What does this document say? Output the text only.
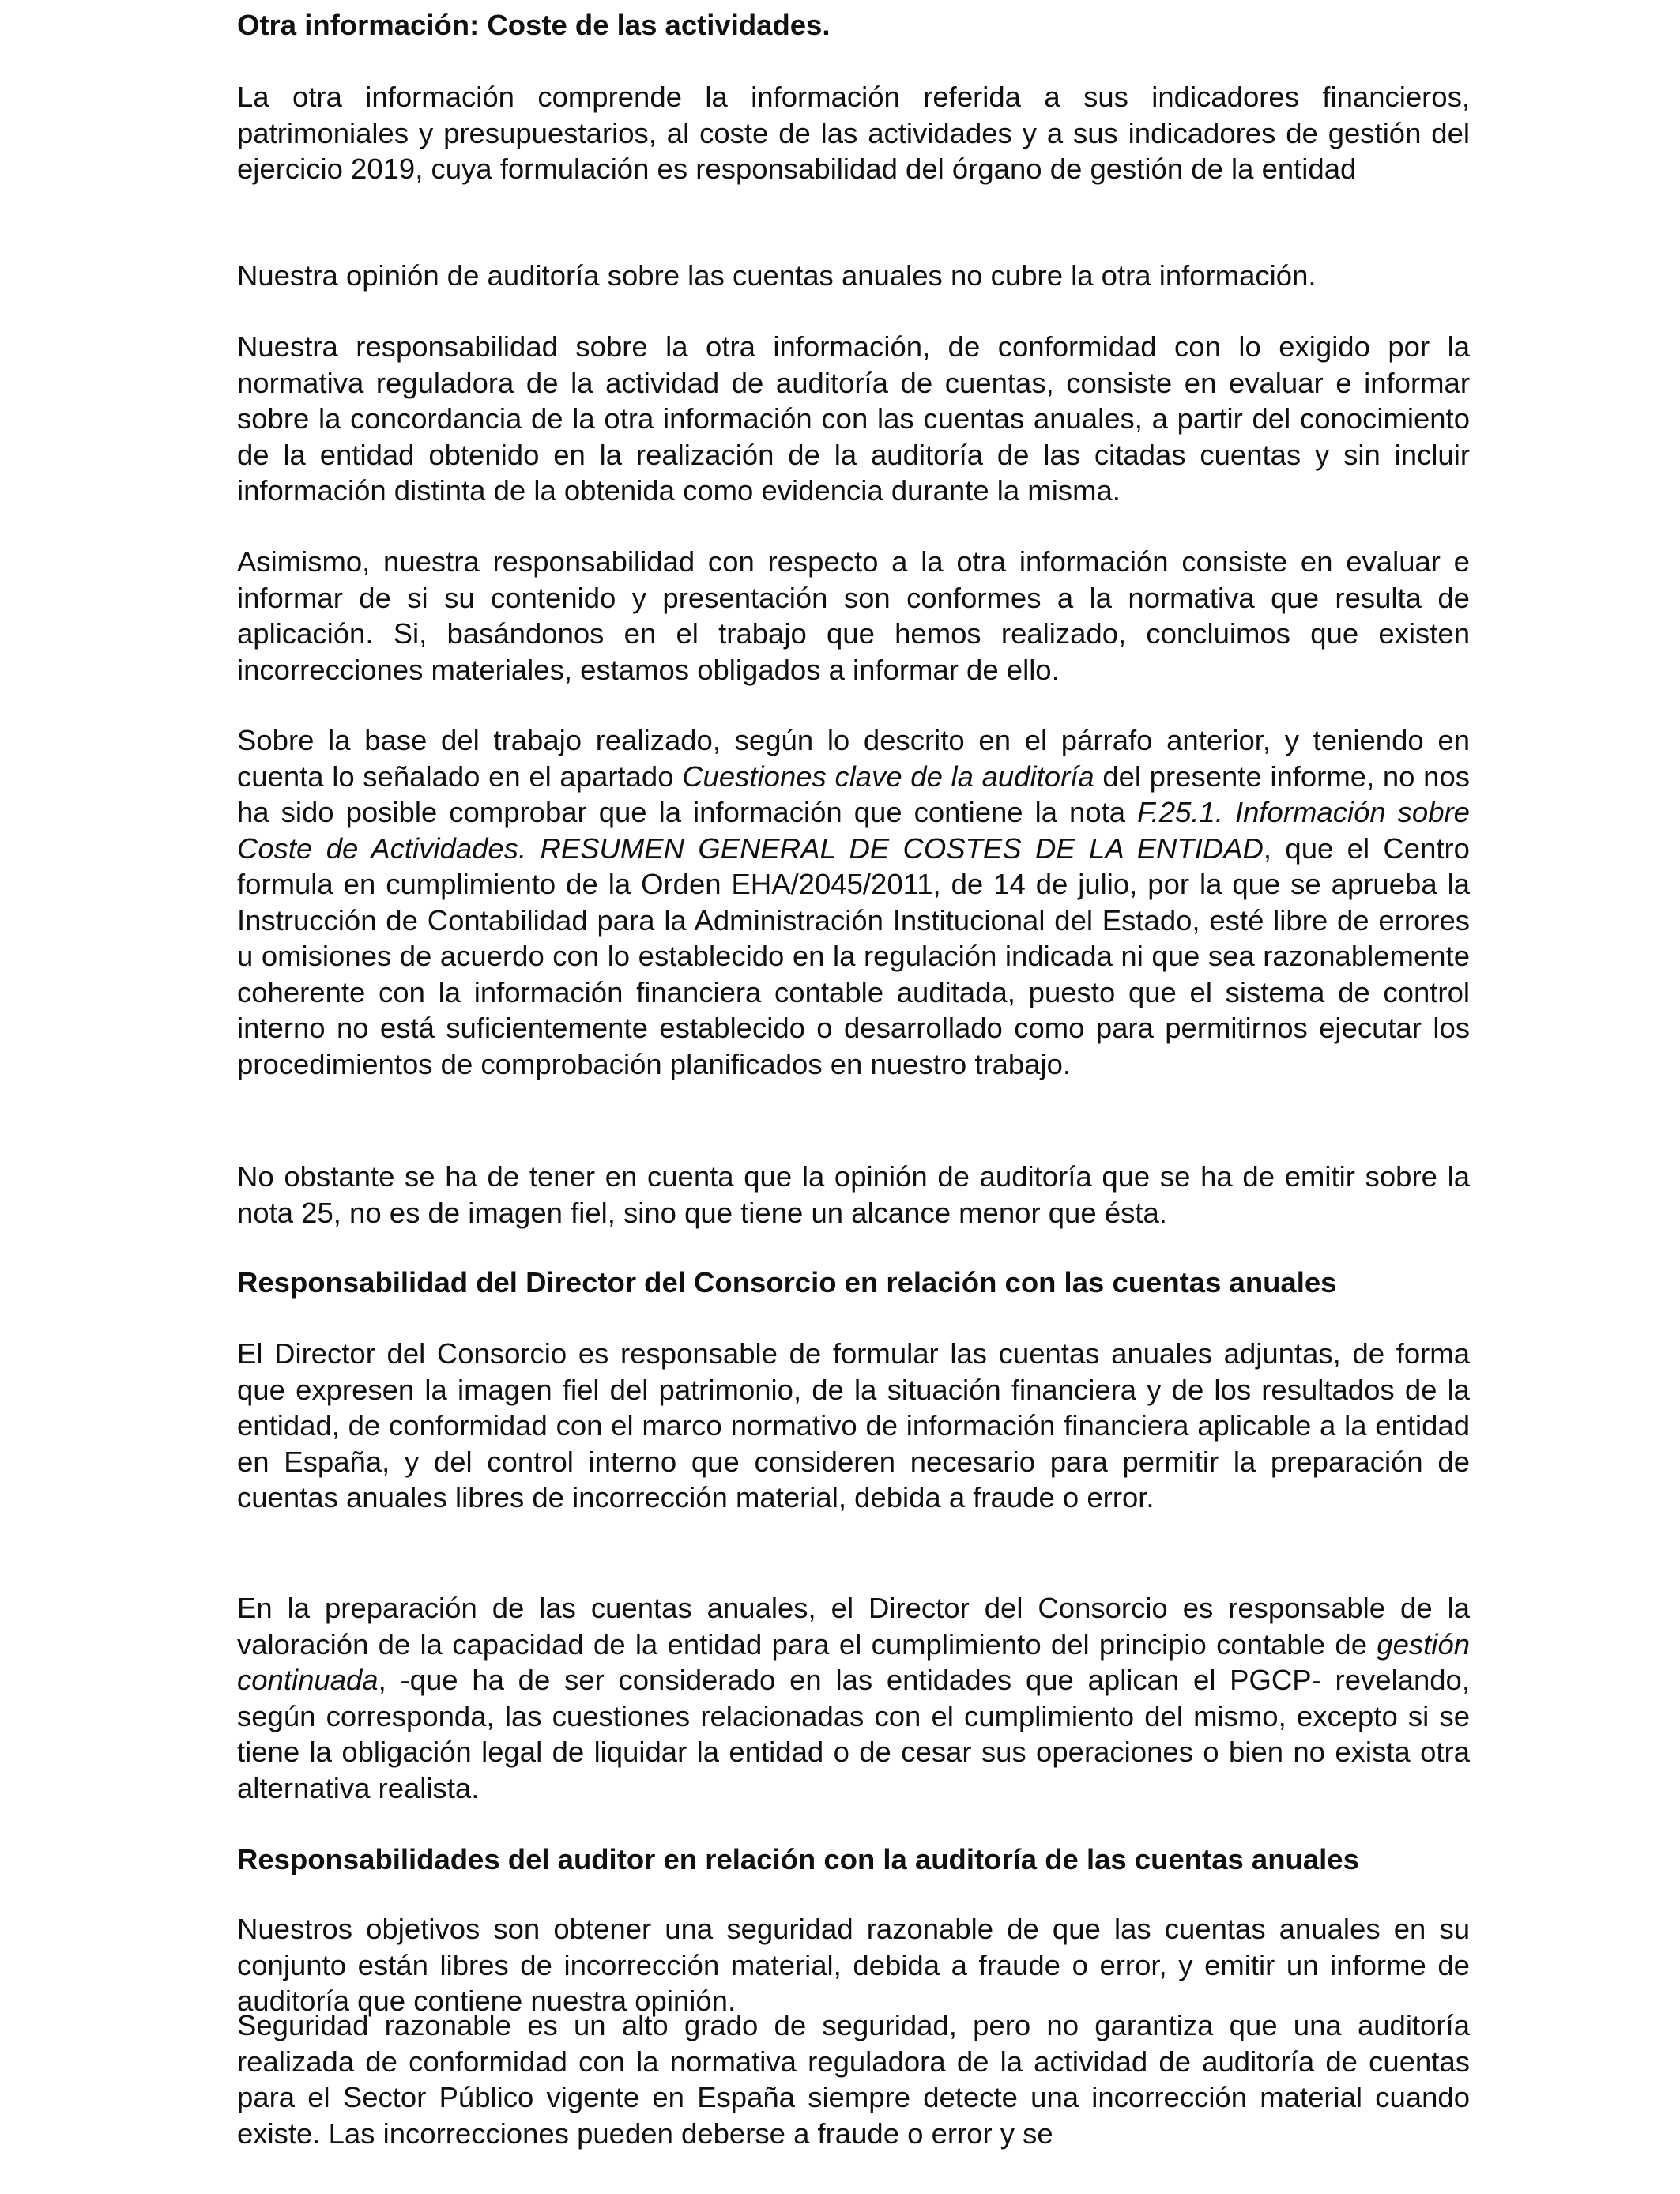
Otra información: Coste de las actividades.

La otra información comprende la información referida a sus indicadores financieros, patrimoniales y presupuestarios, al coste de las actividades y a sus indicadores de gestión del ejercicio 2019, cuya formulación es responsabilidad del órgano de gestión de la entidad

Nuestra opinión de auditoría sobre las cuentas anuales no cubre la otra información.

Nuestra responsabilidad sobre la otra información, de conformidad con lo exigido por la normativa reguladora de la actividad de auditoría de cuentas, consiste en evaluar e informar sobre la concordancia de la otra información con las cuentas anuales, a partir del conocimiento de la entidad obtenido en la realización de la auditoría de las citadas cuentas y sin incluir información distinta de la obtenida como evidencia durante la misma.

Asimismo, nuestra responsabilidad con respecto a la otra información consiste en evaluar e informar de si su contenido y presentación son conformes a la normativa que resulta de aplicación. Si, basándonos en el trabajo que hemos realizado, concluimos que existen incorrecciones materiales, estamos obligados a informar de ello.

Sobre la base del trabajo realizado, según lo descrito en el párrafo anterior, y teniendo en cuenta lo señalado en el apartado Cuestiones clave de la auditoría del presente informe, no nos ha sido posible comprobar que la información que contiene la nota F.25.1. Información sobre Coste de Actividades. RESUMEN GENERAL DE COSTES DE LA ENTIDAD, que el Centro formula en cumplimiento de la Orden EHA/2045/2011, de 14 de julio, por la que se aprueba la Instrucción de Contabilidad para la Administración Institucional del Estado, esté libre de errores u omisiones de acuerdo con lo establecido en la regulación indicada ni que sea razonablemente coherente con la información financiera contable auditada, puesto que el sistema de control interno no está suficientemente establecido o desarrollado como para permitirnos ejecutar los procedimientos de comprobación planificados en nuestro trabajo.

No obstante se ha de tener en cuenta que la opinión de auditoría que se ha de emitir sobre la nota 25, no es de imagen fiel, sino que tiene un alcance menor que ésta.

Responsabilidad del Director del Consorcio en relación con las cuentas anuales

El Director del Consorcio es responsable de formular las cuentas anuales adjuntas, de forma que expresen la imagen fiel del patrimonio, de la situación financiera y de los resultados de la entidad, de conformidad con el marco normativo de información financiera aplicable a la entidad en España, y del control interno que consideren necesario para permitir la preparación de cuentas anuales libres de incorrección material, debida a fraude o error.

En la preparación de las cuentas anuales, el Director del Consorcio es responsable de la valoración de la capacidad de la entidad para el cumplimiento del principio contable de gestión continuada, -que ha de ser considerado en las entidades que aplican el PGCP- revelando, según corresponda, las cuestiones relacionadas con el cumplimiento del mismo, excepto si se tiene la obligación legal de liquidar la entidad o de cesar sus operaciones o bien no exista otra alternativa realista.

Responsabilidades del auditor en relación con la auditoría de las cuentas anuales

Nuestros objetivos son obtener una seguridad razonable de que las cuentas anuales en su conjunto están libres de incorrección material, debida a fraude o error, y emitir un informe de auditoría que contiene nuestra opinión.

Seguridad razonable es un alto grado de seguridad, pero no garantiza que una auditoría realizada de conformidad con la normativa reguladora de la actividad de auditoría de cuentas para el Sector Público vigente en España siempre detecte una incorrección material cuando existe. Las incorrecciones pueden deberse a fraude o error y se
